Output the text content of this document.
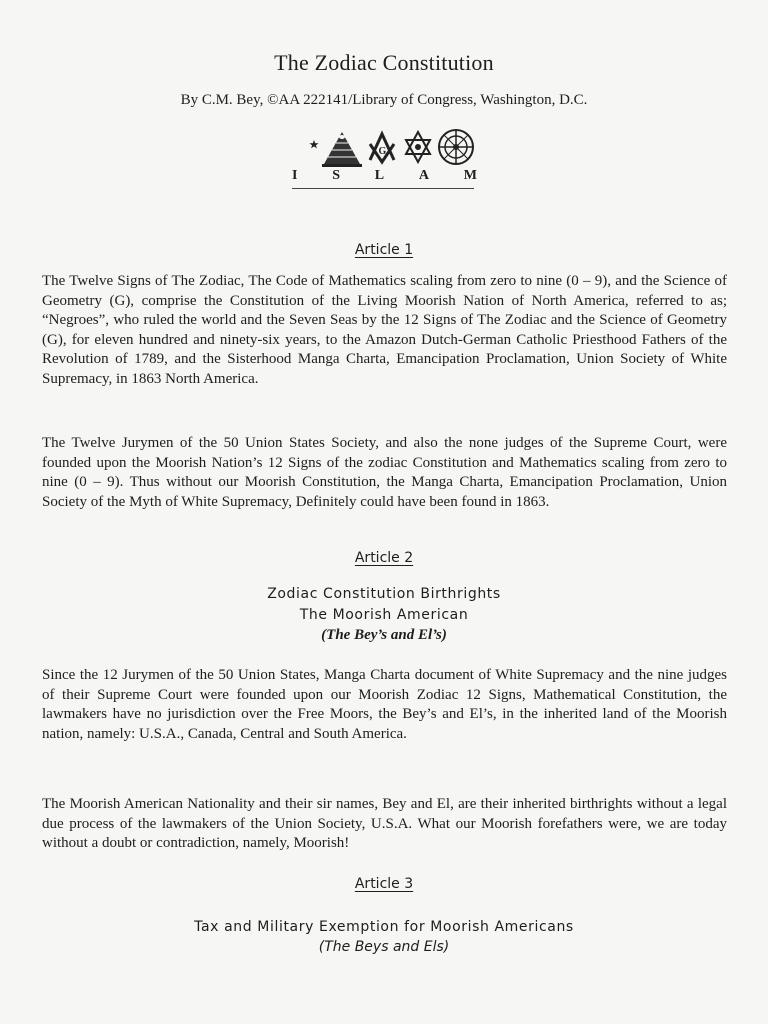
The Zodiac Constitution
By C.M. Bey, ©AA 222141/Library of Congress, Washington, D.C.
G
I S L A M
Article 1

The Twelve Signs of The Zodiac, The Code of Mathematics scaling from zero to nine (0 – 9), and the Science of Geometry (G), comprise the Constitution of the Living Moorish Nation of North America, referred to as; “Negroes”, who ruled the world and the Seven Seas by the 12 Signs of The Zodiac and the Science of Geometry (G), for eleven hundred and ninety-six years, to the Amazon Dutch-German Catholic Priesthood Fathers of the Revolution of 1789, and the Sisterhood Manga Charta, Emancipation Proclamation, Union Society of White Supremacy, in 1863 North America.

The Twelve Jurymen of the 50 Union States Society, and also the none judges of the Supreme Court, were founded upon the Moorish Nation’s 12 Signs of the zodiac Constitution and Mathematics scaling from zero to nine (0 – 9). Thus without our Moorish Constitution, the Manga Charta, Emancipation Proclamation, Union Society of the Myth of White Supremacy, Definitely could have been found in 1863.

Article 2
Zodiac Constitution Birthrights
The Moorish American
(The Bey’s and El’s)

Since the 12 Jurymen of the 50 Union States, Manga Charta document of White Supremacy and the nine judges of their Supreme Court were founded upon our Moorish Zodiac 12 Signs, Mathematical Constitution, the lawmakers have no jurisdiction over the Free Moors, the Bey’s and El’s, in the inherited land of the Moorish nation, namely: U.S.A., Canada, Central and South America.

The Moorish American Nationality and their sir names, Bey and El, are their inherited birthrights without a legal due process of the lawmakers of the Union Society, U.S.A. What our Moorish forefathers were, we are today without a doubt or contradiction, namely, Moorish!

Article 3
Tax and Military Exemption for Moorish Americans
(The Beys and Els)
